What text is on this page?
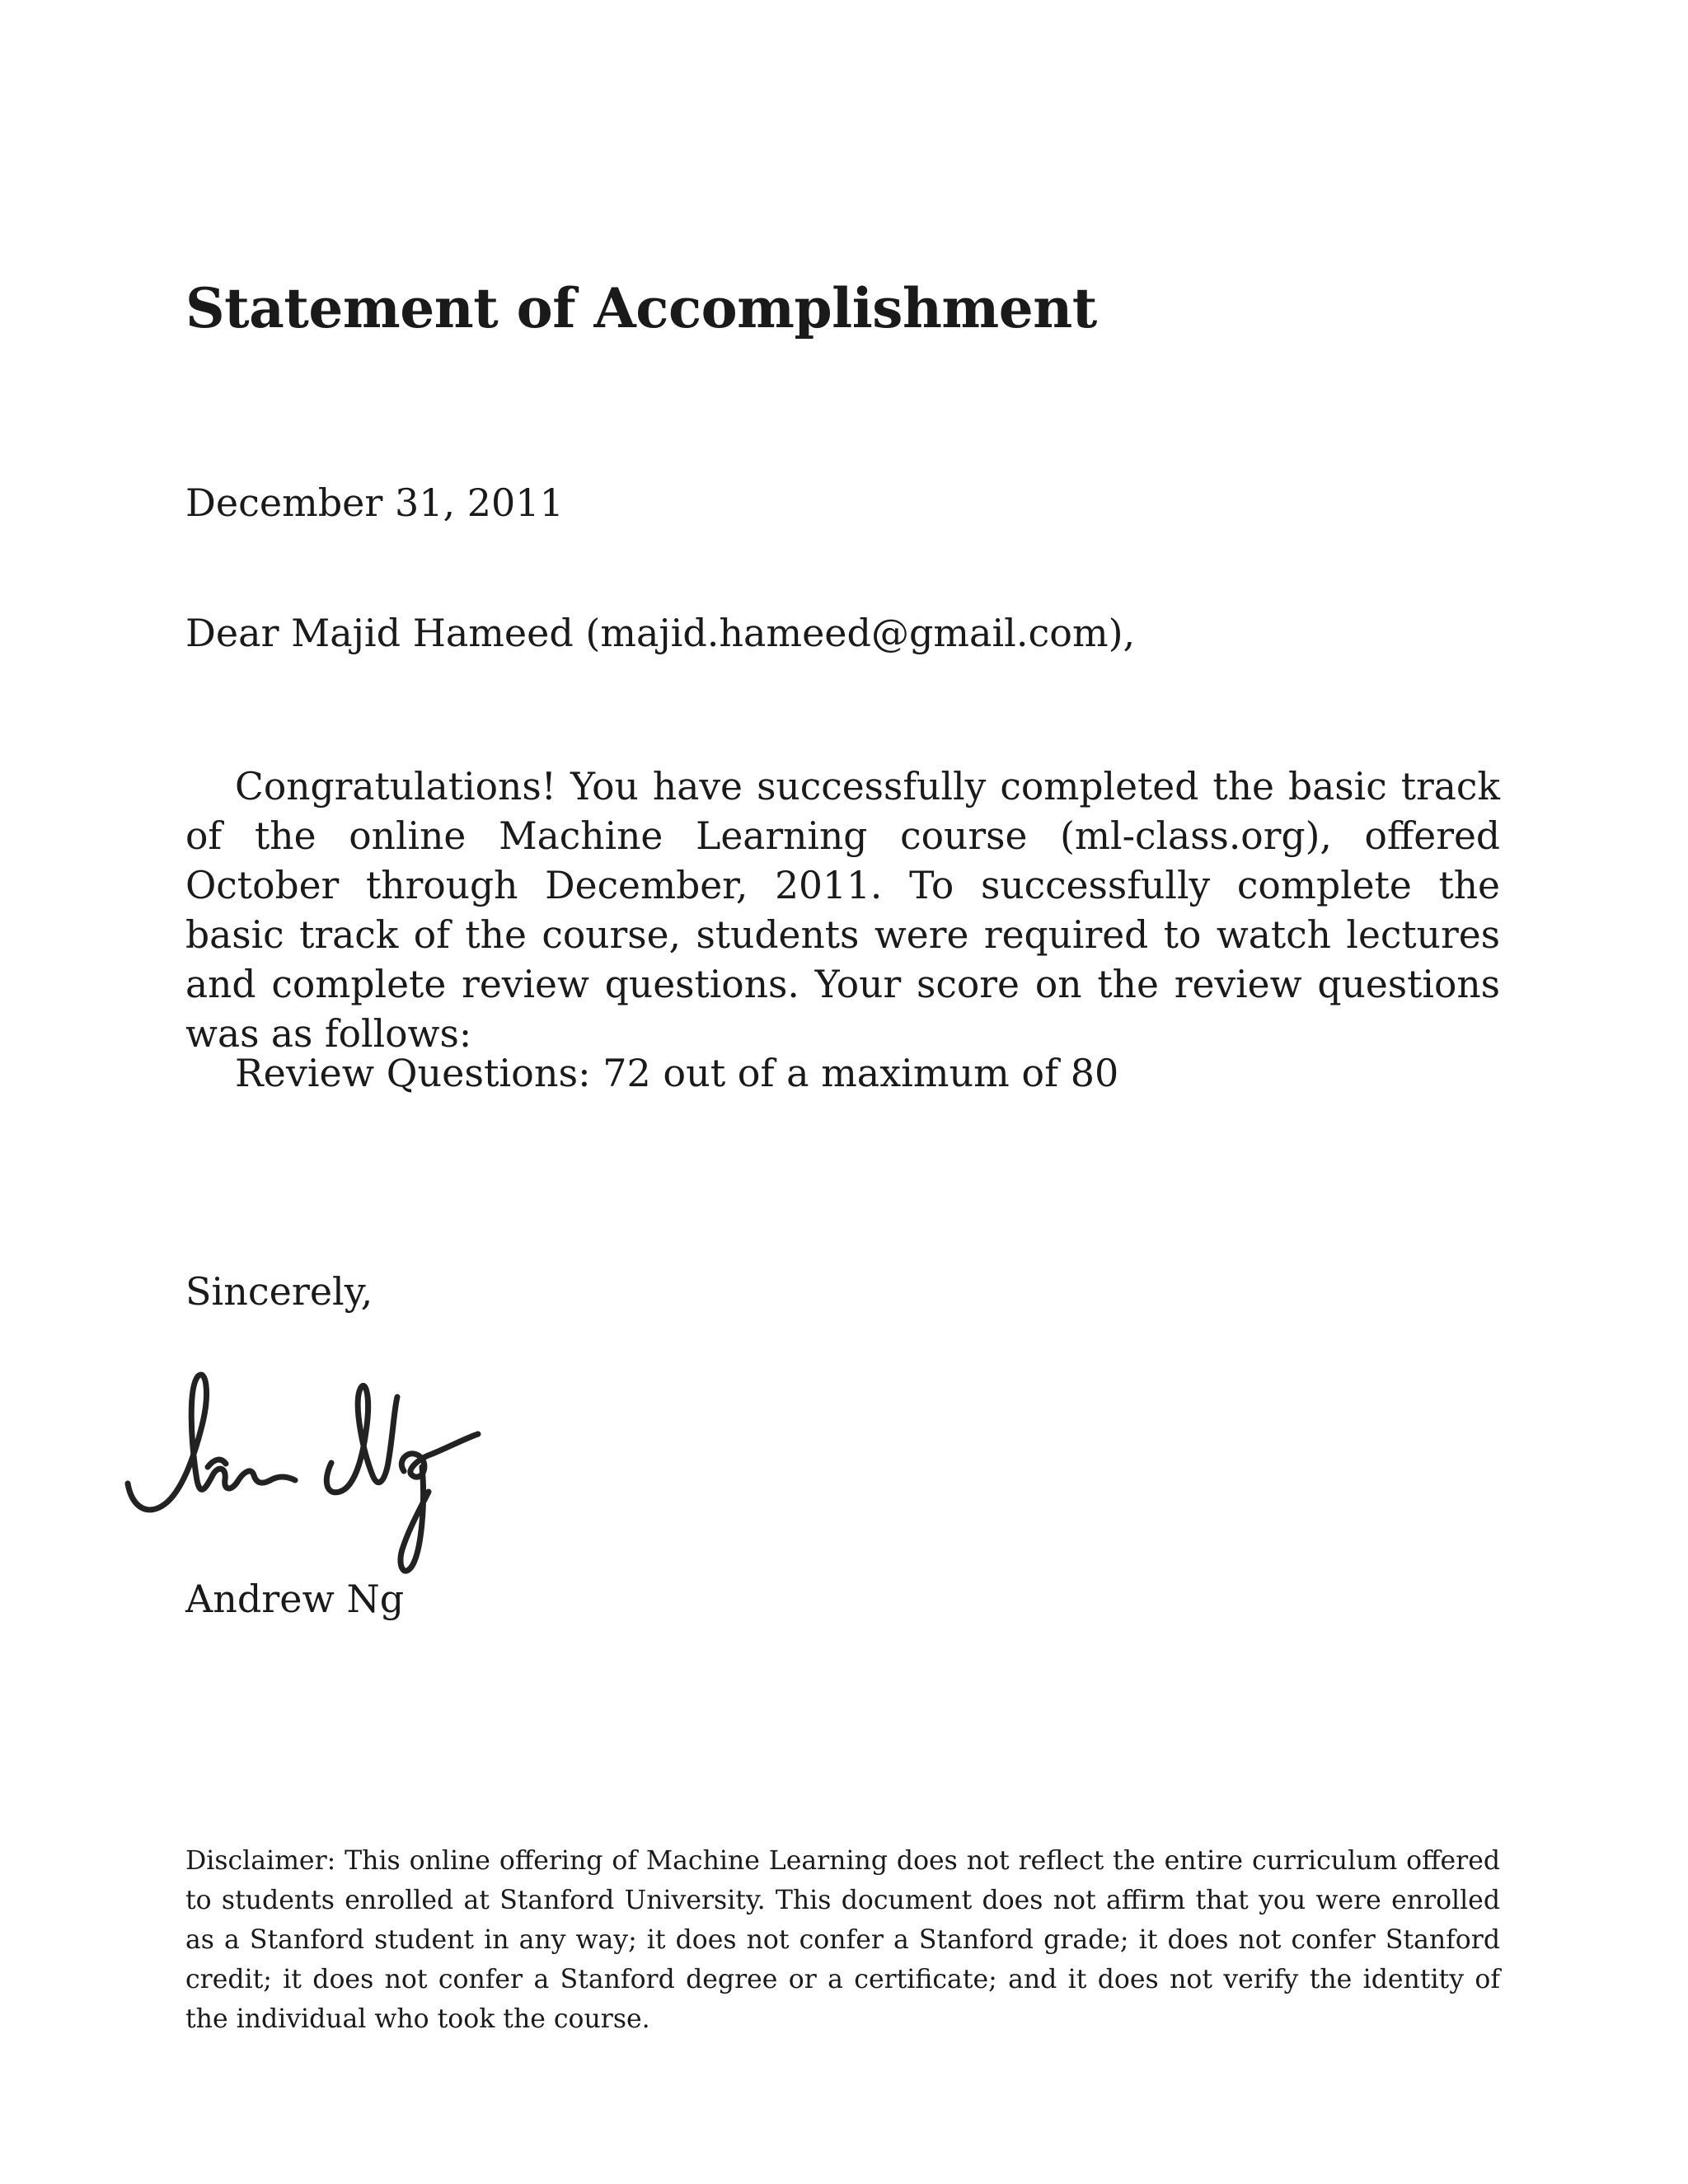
Statement of Accomplishment

December 31, 2011

Dear Majid Hameed (majid.hameed@gmail.com),

Congratulations! You have successfully completed the basic track of the online Machine Learning course (ml-class.org), offered October through December, 2011. To successfully complete the basic track of the course, students were required to watch lectures and complete review questions. Your score on the review questions was as follows:

Review Questions: 72 out of a maximum of 80

Sincerely,

Andrew Ng Andrew Ng

Disclaimer: This online offering of Machine Learning does not reflect the entire curriculum offered to students enrolled at Stanford University. This document does not affirm that you were enrolled as a Stanford student in any way; it does not confer a Stanford grade; it does not confer Stanford credit; it does not confer a Stanford degree or a certificate; and it does not verify the identity of the individual who took the course.
